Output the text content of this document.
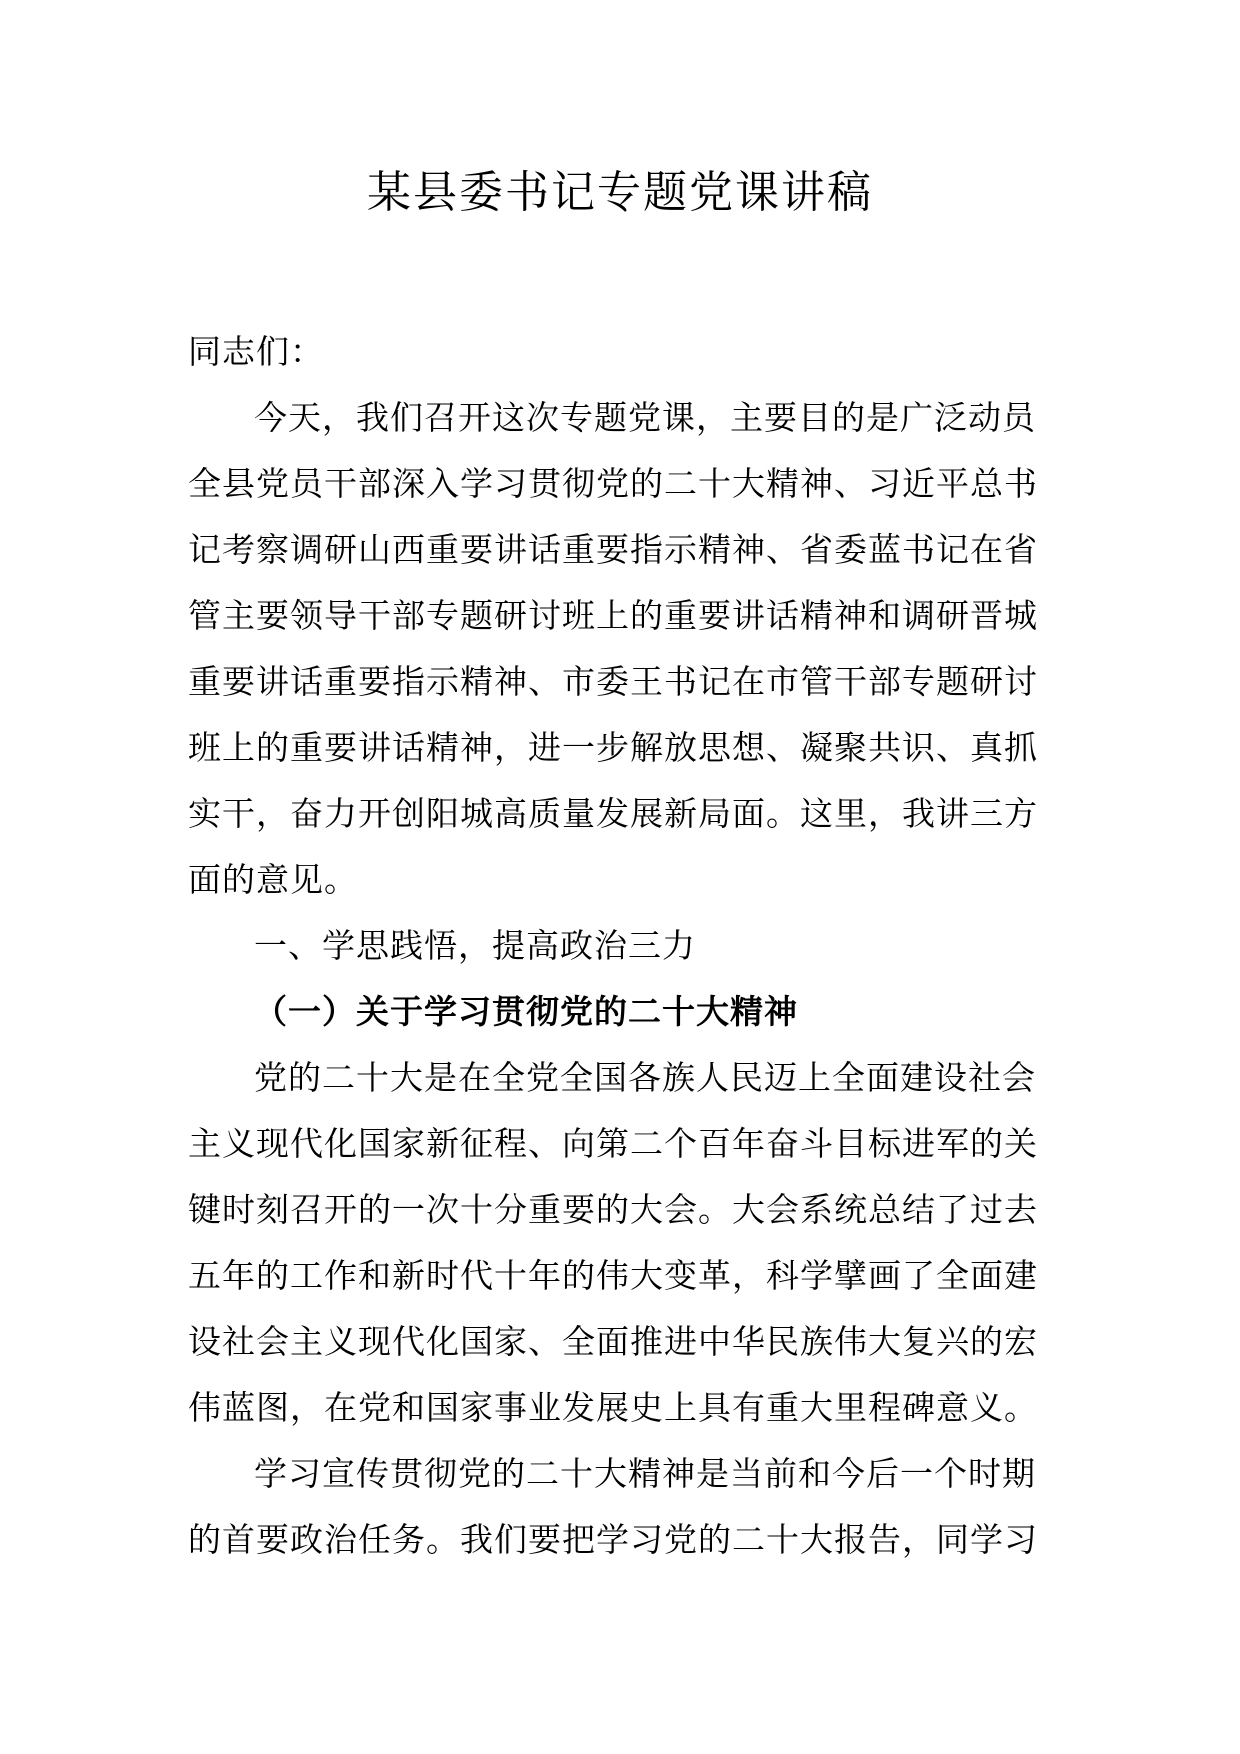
某县委书记专题党课讲稿
同志们：
今天，我们召开这次专题党课，主要目的是广泛动员
全县党员干部深入学习贯彻党的二十大精神、习近平总书
记考察调研山西重要讲话重要指示精神、省委蓝书记在省
管主要领导干部专题研讨班上的重要讲话精神和调研晋城
重要讲话重要指示精神、市委王书记在市管干部专题研讨
班上的重要讲话精神，进一步解放思想、凝聚共识、真抓
实干，奋力开创阳城高质量发展新局面。这里，我讲三方
面的意见。
一、学思践悟，提高政治三力
（一）关于学习贯彻党的二十大精神
党的二十大是在全党全国各族人民迈上全面建设社会
主义现代化国家新征程、向第二个百年奋斗目标进军的关
键时刻召开的一次十分重要的大会。大会系统总结了过去
五年的工作和新时代十年的伟大变革，科学擘画了全面建
设社会主义现代化国家、全面推进中华民族伟大复兴的宏
伟蓝图，在党和国家事业发展史上具有重大里程碑意义。
学习宣传贯彻党的二十大精神是当前和今后一个时期
的首要政治任务。我们要把学习党的二十大报告，同学习
